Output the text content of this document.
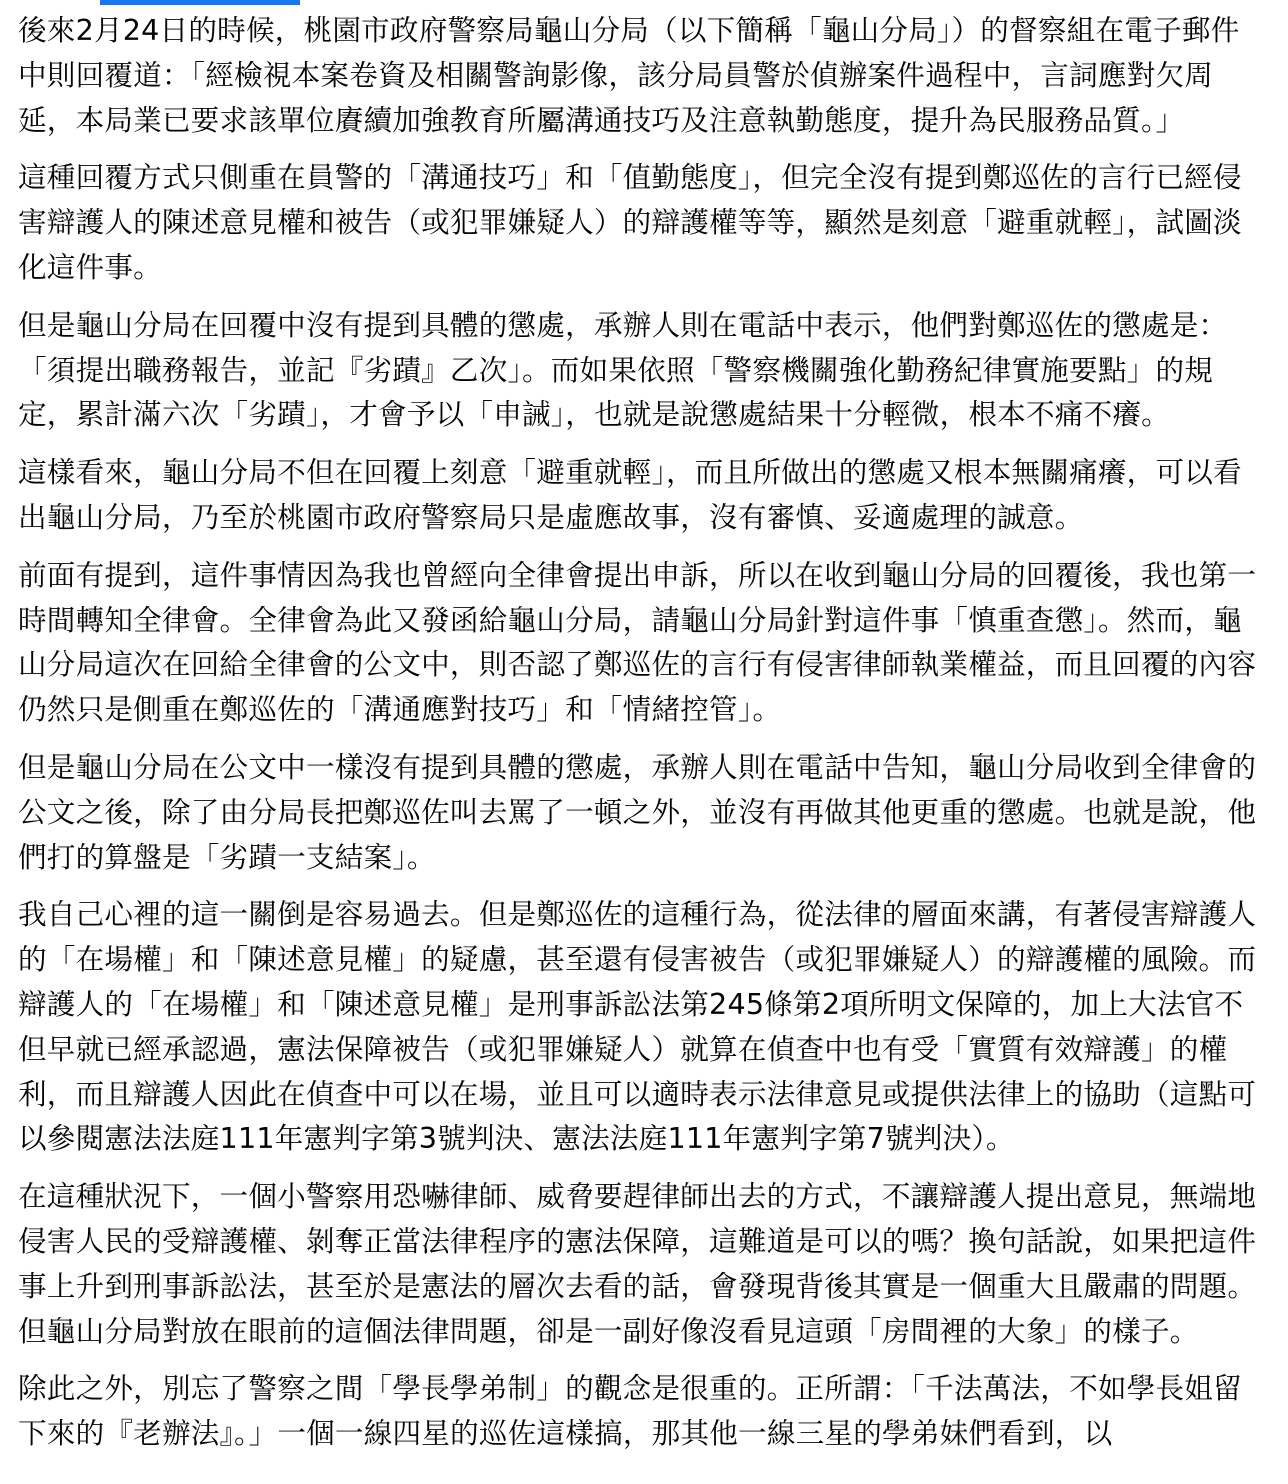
後來2月24日的時候，桃園市政府警察局龜山分局（以下簡稱「龜山分局」）的督察組在電子郵件中則回覆道：「經檢視本案卷資及相關警詢影像，該分局員警於偵辦案件過程中，言詞應對欠周延，本局業已要求該單位賡續加強教育所屬溝通技巧及注意執勤態度，提升為民服務品質。」

這種回覆方式只側重在員警的「溝通技巧」和「值勤態度」，但完全沒有提到鄭巡佐的言行已經侵害辯護人的陳述意見權和被告（或犯罪嫌疑人）的辯護權等等，顯然是刻意「避重就輕」，試圖淡化這件事。

但是龜山分局在回覆中沒有提到具體的懲處，承辦人則在電話中表示，他們對鄭巡佐的懲處是：「須提出職務報告，並記『劣蹟』乙次」。而如果依照「警察機關強化勤務紀律實施要點」的規定，累計滿六次「劣蹟」，才會予以「申誡」，也就是說懲處結果十分輕微，根本不痛不癢。

這樣看來，龜山分局不但在回覆上刻意「避重就輕」，而且所做出的懲處又根本無關痛癢，可以看出龜山分局，乃至於桃園市政府警察局只是虛應故事，沒有審慎、妥適處理的誠意。

前面有提到，這件事情因為我也曾經向全律會提出申訴，所以在收到龜山分局的回覆後，我也第一時間轉知全律會。全律會為此又發函給龜山分局，請龜山分局針對這件事「慎重查懲」。然而，龜山分局這次在回給全律會的公文中，則否認了鄭巡佐的言行有侵害律師執業權益，而且回覆的內容仍然只是側重在鄭巡佐的「溝通應對技巧」和「情緒控管」。

但是龜山分局在公文中一樣沒有提到具體的懲處，承辦人則在電話中告知，龜山分局收到全律會的公文之後，除了由分局長把鄭巡佐叫去罵了一頓之外，並沒有再做其他更重的懲處。也就是說，他們打的算盤是「劣蹟一支結案」。

我自己心裡的這一關倒是容易過去。但是鄭巡佐的這種行為，從法律的層面來講，有著侵害辯護人的「在場權」和「陳述意見權」的疑慮，甚至還有侵害被告（或犯罪嫌疑人）的辯護權的風險。而辯護人的「在場權」和「陳述意見權」是刑事訴訟法第245條第2項所明文保障的，加上大法官不但早就已經承認過，憲法保障被告（或犯罪嫌疑人）就算在偵查中也有受「實質有效辯護」的權利，而且辯護人因此在偵查中可以在場，並且可以適時表示法律意見或提供法律上的協助（這點可以參閱憲法法庭111年憲判字第3號判決、憲法法庭111年憲判字第7號判決）。

在這種狀況下，一個小警察用恐嚇律師、威脅要趕律師出去的方式，不讓辯護人提出意見，無端地侵害人民的受辯護權、剝奪正當法律程序的憲法保障，這難道是可以的嗎？換句話說，如果把這件事上升到刑事訴訟法，甚至於是憲法的層次去看的話，會發現背後其實是一個重大且嚴肅的問題。但龜山分局對放在眼前的這個法律問題，卻是一副好像沒看見這頭「房間裡的大象」的樣子。

除此之外，別忘了警察之間「學長學弟制」的觀念是很重的。正所謂：「千法萬法，不如學長姐留下來的『老辦法』。」一個一線四星的巡佐這樣搞，那其他一線三星的學弟妹們看到，以
